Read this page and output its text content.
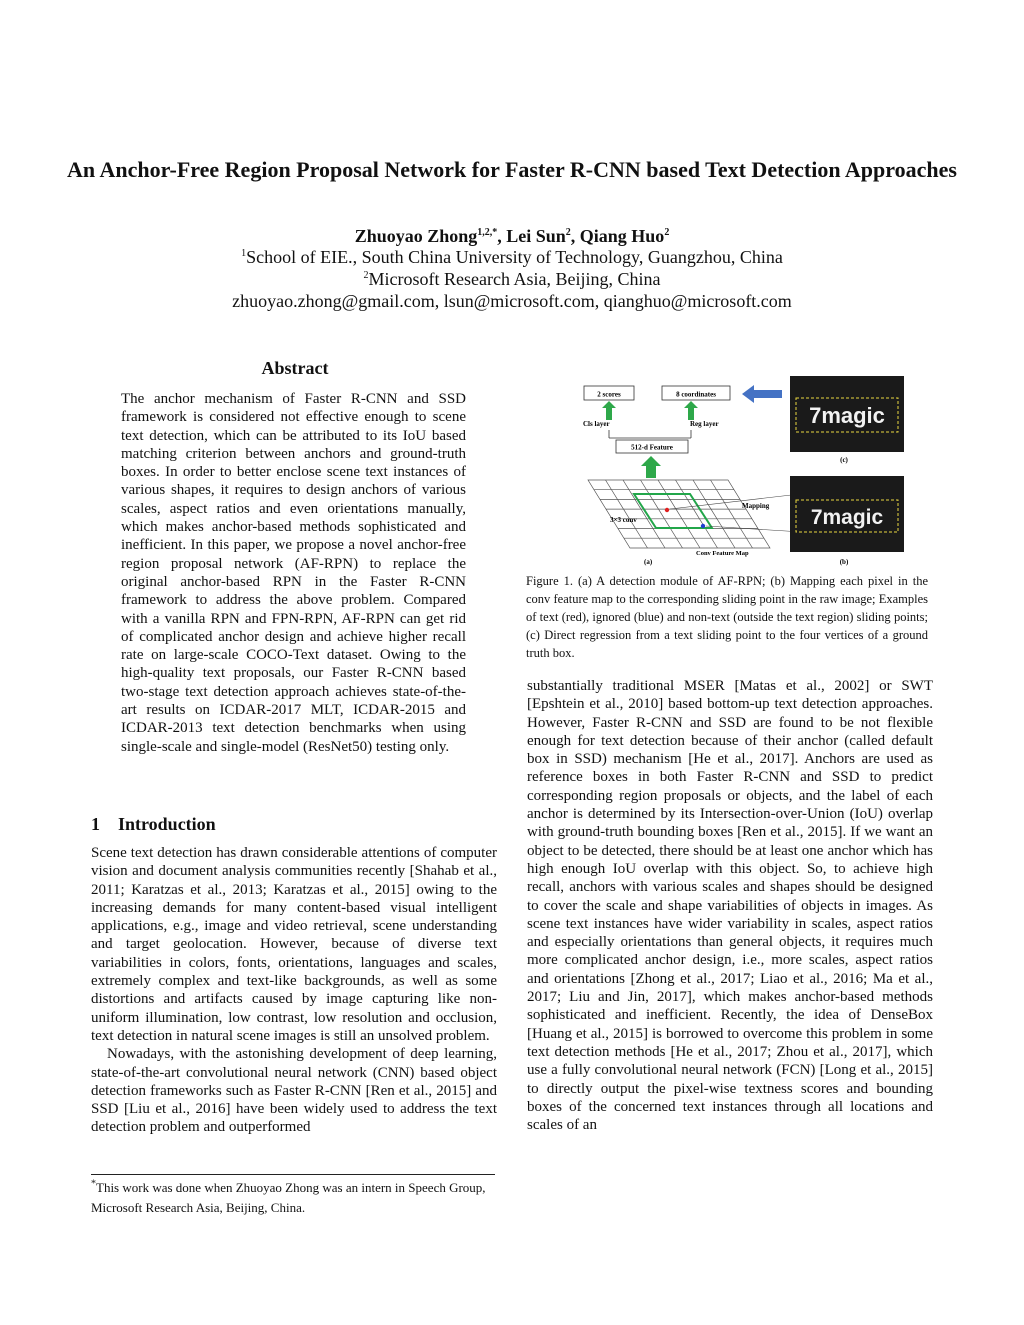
An Anchor-Free Region Proposal Network for Faster R-CNN based Text Detection Approaches
Zhuoyao Zhong$^{1,2,*}$, Lei Sun$^2$, Qiang Huo$^2$
$^1$School of EIE., South China University of Technology, Guangzhou, China
$^2$Microsoft Research Asia, Beijing, China
zhuoyao.zhong@gmail.com, lsun@microsoft.com, qianghuo@microsoft.com
Abstract

The anchor mechanism of Faster R-CNN and SSD framework is considered not effective enough to scene text detection, which can be attributed to its IoU based matching criterion between anchors and ground-truth boxes. In order to better enclose scene text instances of various shapes, it requires to design anchors of various scales, aspect ratios and even orientations manually, which makes anchor-based methods sophisticated and inefficient. In this paper, we propose a novel anchor-free region proposal network (AF-RPN) to replace the original anchor-based RPN in the Faster R-CNN framework to address the above problem. Compared with a vanilla RPN and FPN-RPN, AF-RPN can get rid of complicated anchor design and achieve higher recall rate on large-scale COCO-Text dataset. Owing to the high-quality text proposals, our Faster R-CNN based two-stage text detection approach achieves state-of-the-art results on ICDAR-2017 MLT, ICDAR-2015 and ICDAR-2013 text detection benchmarks when using single-scale and single-model (ResNet50) testing only.

1 Introduction

Scene text detection has drawn considerable attentions of computer vision and document analysis communities recently [Shahab et al., 2011; Karatzas et al., 2013; Karatzas et al., 2015] owing to the increasing demands for many content-based visual intelligent applications, e.g., image and video retrieval, scene understanding and target geolocation. However, because of diverse text variabilities in colors, fonts, orientations, languages and scales, extremely complex and text-like backgrounds, as well as some distortions and artifacts caused by image capturing like non-uniform illumination, low contrast, low resolution and occlusion, text detection in natural scene images is still an unsolved problem.

Nowadays, with the astonishing development of deep learning, state-of-the-art convolutional neural network (CNN) based object detection frameworks such as Faster R-CNN [Ren et al., 2015] and SSD [Liu et al., 2016] have been widely used to address the text detection problem and outperformed

2 scores	8 coordinates
Cls layer	Reg layer
512-d Feature
3×3 conv
Mapping
Conv Feature Map
(a)
7magic
(c)
7magic
(b)
Figure 1. (a) A detection module of AF-RPN; (b) Mapping each pixel in the conv feature map to the corresponding sliding point in the raw image; Examples of text (red), ignored (blue) and non-text (outside the text region) sliding points; (c) Direct regression from a text sliding point to the four vertices of a ground truth box.

substantially traditional MSER [Matas et al., 2002] or SWT [Epshtein et al., 2010] based bottom-up text detection approaches. However, Faster R-CNN and SSD are found to be not flexible enough for text detection because of their anchor (called default box in SSD) mechanism [He et al., 2017]. Anchors are used as reference boxes in both Faster R-CNN and SSD to predict corresponding region proposals or objects, and the label of each anchor is determined by its Intersection-over-Union (IoU) overlap with ground-truth bounding boxes [Ren et al., 2015]. If we want an object to be detected, there should be at least one anchor which has high enough IoU overlap with this object. So, to achieve high recall, anchors with various scales and shapes should be designed to cover the scale and shape variabilities of objects in images. As scene text instances have wider variability in scales, aspect ratios and especially orientations than general objects, it requires much more complicated anchor design, i.e., more scales, aspect ratios and orientations [Zhong et al., 2017; Liao et al., 2016; Ma et al., 2017; Liu and Jin, 2017], which makes anchor-based methods sophisticated and inefficient. Recently, the idea of DenseBox [Huang et al., 2015] is borrowed to overcome this problem in some text detection methods [He et al., 2017; Zhou et al., 2017], which use a fully convolutional neural network (FCN) [Long et al., 2015] to directly output the pixel-wise textness scores and bounding boxes of the concerned text instances through all locations and scales of an

*This work was done when Zhuoyao Zhong was an intern in Speech Group, Microsoft Research Asia, Beijing, China.
